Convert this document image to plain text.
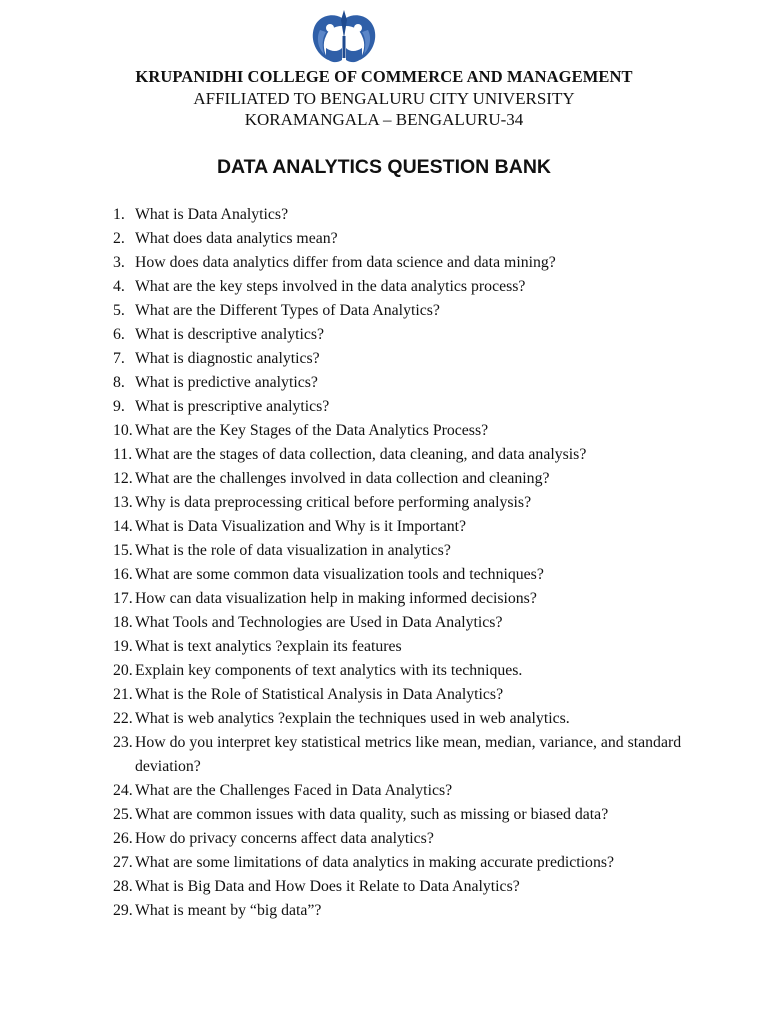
KRUPANIDHI COLLEGE OF COMMERCE AND MANAGEMENT
AFFILIATED TO BENGALURU CITY UNIVERSITY
KORAMANGALA – BENGALURU-34
DATA ANALYTICS QUESTION BANK
1. What is Data Analytics?
2. What does data analytics mean?
3. How does data analytics differ from data science and data mining?
4. What are the key steps involved in the data analytics process?
5. What are the Different Types of Data Analytics?
6. What is descriptive analytics?
7. What is diagnostic analytics?
8. What is predictive analytics?
9. What is prescriptive analytics?
10. What are the Key Stages of the Data Analytics Process?
11. What are the stages of data collection, data cleaning, and data analysis?
12. What are the challenges involved in data collection and cleaning?
13. Why is data preprocessing critical before performing analysis?
14. What is Data Visualization and Why is it Important?
15. What is the role of data visualization in analytics?
16. What are some common data visualization tools and techniques?
17. How can data visualization help in making informed decisions?
18. What Tools and Technologies are Used in Data Analytics?
19. What is text analytics ?explain its features
20. Explain key components of text analytics with its techniques.
21. What is the Role of Statistical Analysis in Data Analytics?
22. What is web analytics ?explain the techniques used in web analytics.
23. How do you interpret key statistical metrics like mean, median, variance, and standard deviation?
24. What are the Challenges Faced in Data Analytics?
25. What are common issues with data quality, such as missing or biased data?
26. How do privacy concerns affect data analytics?
27. What are some limitations of data analytics in making accurate predictions?
28. What is Big Data and How Does it Relate to Data Analytics?
29. What is meant by “big data”?
